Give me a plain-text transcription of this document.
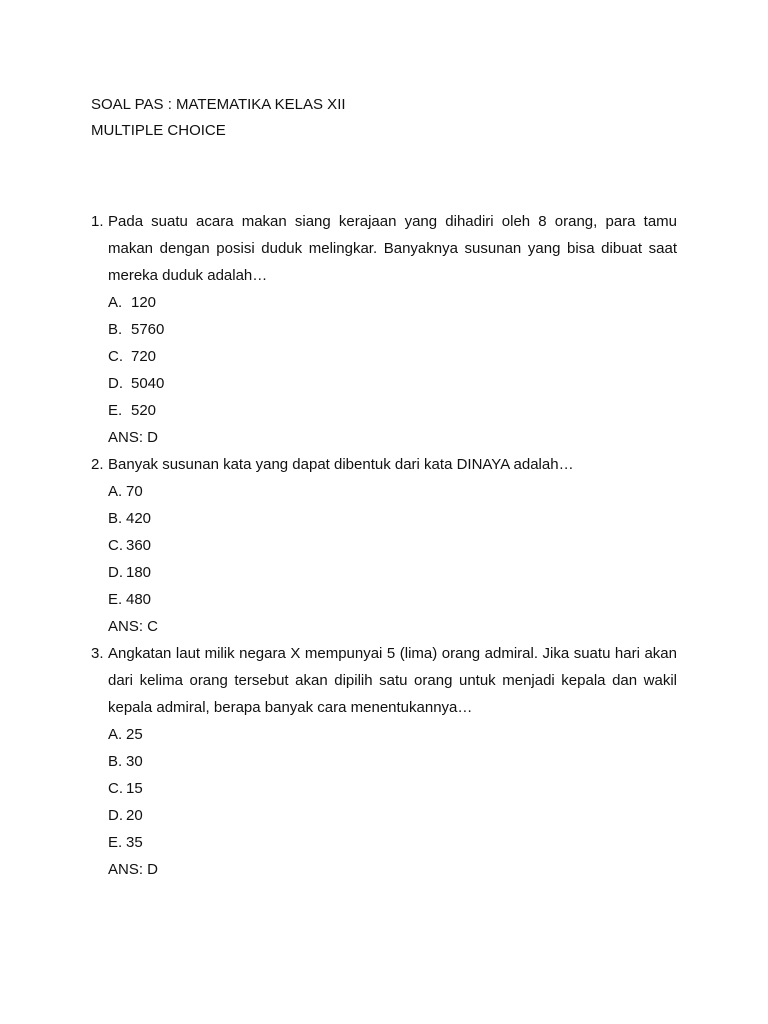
SOAL PAS : MATEMATIKA KELAS XII
MULTIPLE CHOICE
1. Pada suatu acara makan siang kerajaan yang dihadiri oleh 8 orang, para tamu makan dengan posisi duduk melingkar. Banyaknya susunan yang bisa dibuat saat mereka duduk adalah…
A. 120
B. 5760
C. 720
D. 5040
E. 520
ANS: D
2. Banyak susunan kata yang dapat dibentuk dari kata DINAYA adalah…
A. 70
B. 420
C. 360
D. 180
E. 480
ANS: C
3. Angkatan laut milik negara X mempunyai 5 (lima) orang admiral. Jika suatu hari akan dari kelima orang tersebut akan dipilih satu orang untuk menjadi kepala dan wakil kepala admiral, berapa banyak cara menentukannya…
A. 25
B. 30
C. 15
D. 20
E. 35
ANS: D
